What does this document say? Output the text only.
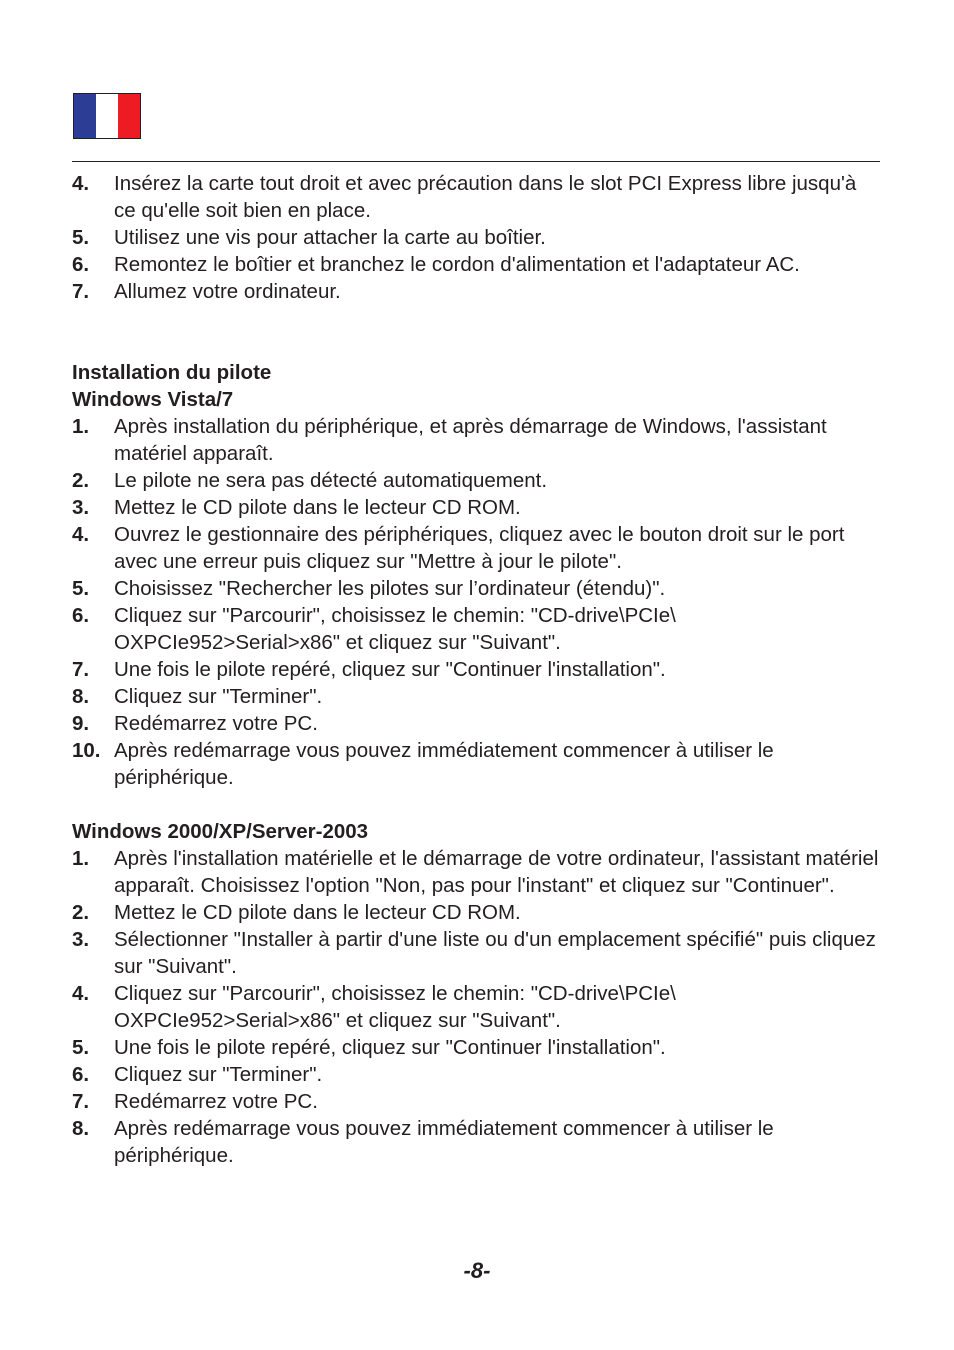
4. Insérez la carte tout droit et avec précaution dans le slot PCI Express libre jusqu'à ce qu'elle soit bien en place.
5. Utilisez une vis pour attacher la carte au boîtier.
6. Remontez le boîtier et branchez le cordon d'alimentation et l'adaptateur AC.
7. Allumez votre ordinateur.
Installation du pilote
Windows Vista/7
1. Après installation du périphérique, et après démarrage de Windows, l'assistant matériel apparaît.
2. Le pilote ne sera pas détecté automatiquement.
3. Mettez le CD pilote dans le lecteur CD ROM.
4. Ouvrez le gestionnaire des périphériques, cliquez avec le bouton droit sur le port avec une erreur puis cliquez sur "Mettre à jour le pilote".
5. Choisissez "Rechercher les pilotes sur l’ordinateur (étendu)".
6. Cliquez sur "Parcourir", choisissez le chemin: "CD-drive\PCIe\ OXPCIe952>Serial>x86" et cliquez sur "Suivant".
7. Une fois le pilote repéré, cliquez sur "Continuer l'installation".
8. Cliquez sur "Terminer".
9. Redémarrez votre PC.
10. Après redémarrage vous pouvez immédiatement commencer à utiliser le périphérique.
Windows 2000/XP/Server-2003
1. Après l'installation matérielle et le démarrage de votre ordinateur, l'assistant matériel apparaît. Choisissez l'option "Non, pas pour l'instant" et cliquez sur "Continuer".
2. Mettez le CD pilote dans le lecteur CD ROM.
3. Sélectionner "Installer à partir d'une liste ou d'un emplacement spécifié" puis cliquez sur "Suivant".
4. Cliquez sur "Parcourir", choisissez le chemin: "CD-drive\PCIe\ OXPCIe952>Serial>x86" et cliquez sur "Suivant".
5. Une fois le pilote repéré, cliquez sur "Continuer l'installation".
6. Cliquez sur "Terminer".
7. Redémarrez votre PC.
8. Après redémarrage vous pouvez immédiatement commencer à utiliser le périphérique.
-8-
